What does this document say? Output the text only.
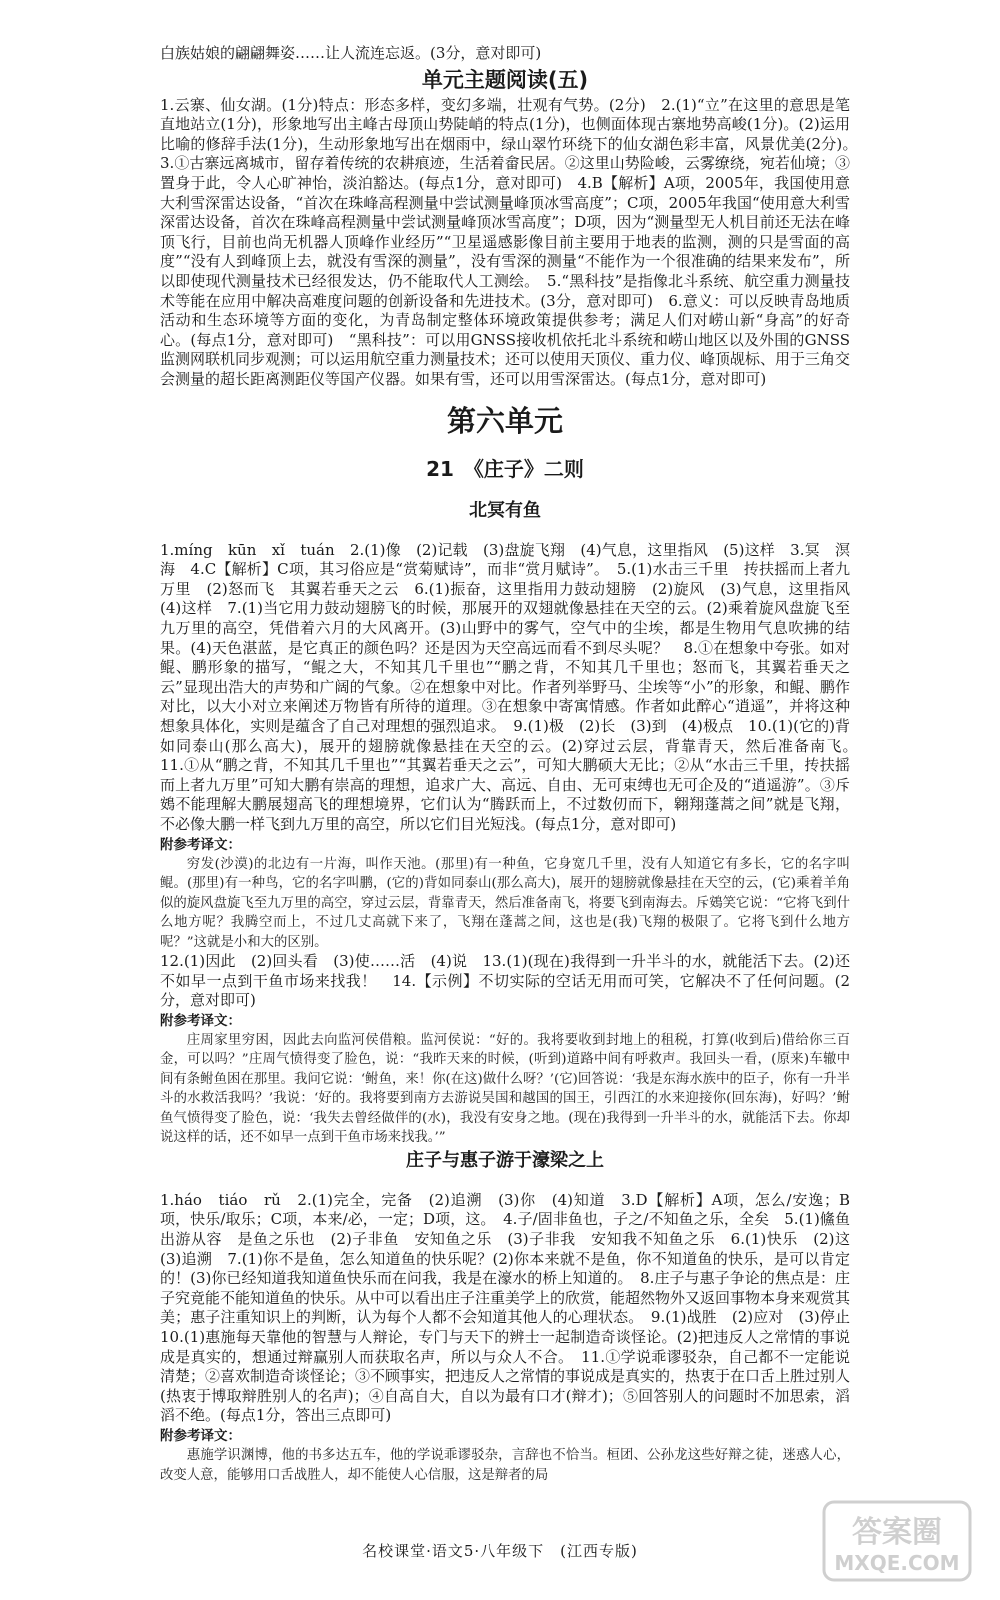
白族姑娘的翩翩舞姿……让人流连忘返。(3分，意对即可)

单元主题阅读(五)

1.云寨、仙女湖。(1分)特点：形态多样，变幻多端，壮观有气势。(2分)　2.(1)“立”在这里的意思是笔直地站立(1分)，形象地写出主峰古母顶山势陡峭的特点(1分)，也侧面体现古寨地势高峻(1分)。(2)运用比喻的修辞手法(1分)，生动形象地写出在烟雨中，绿山翠竹环绕下的仙女湖色彩丰富，风景优美(2分)。　3.①古寨远离城市，留存着传统的农耕痕迹，生活着畲民居。②这里山势险峻，云雾缭绕，宛若仙境；③置身于此，令人心旷神怡，淡泊豁达。(每点1分，意对即可)　4.B【解析】A项，2005年，我国使用意大利雪深雷达设备，“首次在珠峰高程测量中尝试测量峰顶冰雪高度”；C项，2005年我国“使用意大利雪深雷达设备，首次在珠峰高程测量中尝试测量峰顶冰雪高度”；D项，因为“测量型无人机目前还无法在峰顶飞行，目前也尚无机器人顶峰作业经历”“卫星遥感影像目前主要用于地表的监测，测的只是雪面的高度”“没有人到峰顶上去，就没有雪深的测量”，没有雪深的测量“不能作为一个很准确的结果来发布”，所以即使现代测量技术已经很发达，仍不能取代人工测绘。　5.“黑科技”是指像北斗系统、航空重力测量技术等能在应用中解决高难度问题的创新设备和先进技术。(3分，意对即可)　6.意义：可以反映青岛地质活动和生态环境等方面的变化，为青岛制定整体环境政策提供参考；满足人们对崂山新“身高”的好奇心。(每点1分，意对即可)　“黑科技”：可以用GNSS接收机依托北斗系统和崂山地区以及外围的GNSS监测网联机同步观测；可以运用航空重力测量技术；还可以使用天顶仪、重力仪、峰顶觇标、用于三角交会测量的超长距离测距仪等国产仪器。如果有雪，还可以用雪深雷达。(每点1分，意对即可)

第六单元
21　《庄子》二则
北冥有鱼

1.míng　kūn　xǐ　tuán　2.(1)像　(2)记载　(3)盘旋飞翔　(4)气息，这里指风　(5)这样　3.冥　溟　海　4.C【解析】C项，其习俗应是“赏菊赋诗”，而非“赏月赋诗”。　5.(1)水击三千里　抟扶摇而上者九万里　(2)怒而飞　其翼若垂天之云　6.(1)振奋，这里指用力鼓动翅膀　(2)旋风　(3)气息，这里指风　(4)这样　7.(1)当它用力鼓动翅膀飞的时候，那展开的双翅就像悬挂在天空的云。(2)乘着旋风盘旋飞至九万里的高空，凭借着六月的大风离开。(3)山野中的雾气，空气中的尘埃，都是生物用气息吹拂的结果。(4)天色湛蓝，是它真正的颜色吗？还是因为天空高远而看不到尽头呢？　8.①在想象中夸张。如对鲲、鹏形象的描写，“鲲之大，不知其几千里也”“鹏之背，不知其几千里也；怒而飞，其翼若垂天之云”显现出浩大的声势和广阔的气象。②在想象中对比。作者列举野马、尘埃等“小”的形象，和鲲、鹏作对比，以大小对立来阐述万物皆有所待的道理。③在想象中寄寓情感。作者如此醉心“逍遥”，并将这种想象具体化，实则是蕴含了自己对理想的强烈追求。　9.(1)极　(2)长　(3)到　(4)极点　10.(1)(它的)背如同泰山(那么高大)，展开的翅膀就像悬挂在天空的云。(2)穿过云层，背靠青天，然后准备南飞。　11.①从“鹏之背，不知其几千里也”“其翼若垂天之云”，可知大鹏硕大无比；②从“水击三千里，抟扶摇而上者九万里”可知大鹏有崇高的理想，追求广大、高远、自由、无可束缚也无可企及的“逍遥游”。③斥鴳不能理解大鹏展翅高飞的理想境界，它们认为“腾跃而上，不过数仞而下，翱翔蓬蒿之间”就是飞翔，不必像大鹏一样飞到九万里的高空，所以它们目光短浅。(每点1分，意对即可)

附参考译文：

穷发(沙漠)的北边有一片海，叫作天池。(那里)有一种鱼，它身宽几千里，没有人知道它有多长，它的名字叫鲲。(那里)有一种鸟，它的名字叫鹏，(它的)背如同泰山(那么高大)，展开的翅膀就像悬挂在天空的云，(它)乘着羊角似的旋风盘旋飞至九万里的高空，穿过云层，背靠青天，然后准备南飞，将要飞到南海去。斥鴳笑它说：“它将飞到什么地方呢？我腾空而上，不过几丈高就下来了，飞翔在蓬蒿之间，这也是(我)飞翔的极限了。它将飞到什么地方呢？”这就是小和大的区别。

12.(1)因此　(2)回头看　(3)使……活　(4)说　13.(1)(现在)我得到一升半斗的水，就能活下去。(2)还不如早一点到干鱼市场来找我！　14.【示例】不切实际的空话无用而可笑，它解决不了任何问题。(2分，意对即可)

附参考译文：

庄周家里穷困，因此去向监河侯借粮。监河侯说：“好的。我将要收到封地上的租税，打算(收到后)借给你三百金，可以吗？”庄周气愤得变了脸色，说：“我昨天来的时候，(听到)道路中间有呼救声。我回头一看，(原来)车辙中间有条鲋鱼困在那里。我问它说：‘鲋鱼，来！你(在这)做什么呀？’(它)回答说：‘我是东海水族中的臣子，你有一升半斗的水救活我吗？’我说：‘好的。我将要到南方去游说吴国和越国的国王，引西江的水来迎接你(回东海)，好吗？’鲋鱼气愤得变了脸色，说：‘我失去曾经做伴的(水)，我没有安身之地。(现在)我得到一升半斗的水，就能活下去。你却说这样的话，还不如早一点到干鱼市场来找我。’”

庄子与惠子游于濠梁之上

1.háo　tiáo　rǔ　2.(1)完全，完备　(2)追溯　(3)你　(4)知道　3.D【解析】A项，怎么/安逸；B项，快乐/取乐；C项，本来/必，一定；D项，这。　4.子/固非鱼也，子之/不知鱼之乐，全矣　5.(1)鯈鱼出游从容　是鱼之乐也　(2)子非鱼　安知鱼之乐　(3)子非我　安知我不知鱼之乐　6.(1)快乐　(2)这　(3)追溯　7.(1)你不是鱼，怎么知道鱼的快乐呢？(2)你本来就不是鱼，你不知道鱼的快乐，是可以肯定的！(3)你已经知道我知道鱼快乐而在问我，我是在濠水的桥上知道的。　8.庄子与惠子争论的焦点是：庄子究竟能不能知道鱼的快乐。从中可以看出庄子注重美学上的欣赏，能超然物外又返回事物本身来观赏其美；惠子注重知识上的判断，认为每个人都不会知道其他人的心理状态。　9.(1)战胜　(2)应对　(3)停止　10.(1)惠施每天靠他的智慧与人辩论，专门与天下的辨士一起制造奇谈怪论。(2)把违反人之常情的事说成是真实的，想通过辩赢别人而获取名声，所以与众人不合。　11.①学说乖谬驳杂，自己都不一定能说清楚；②喜欢制造奇谈怪论；③不顾事实，把违反人之常情的事说成是真实的，热衷于在口舌上胜过别人(热衷于博取辩胜别人的名声)；④自高自大，自以为最有口才(辩才)；⑤回答别人的问题时不加思索，滔滔不绝。(每点1分，答出三点即可)

附参考译文：

惠施学识渊博，他的书多达五车，他的学说乖谬驳杂，言辞也不恰当。桓团、公孙龙这些好辩之徒，迷惑人心，改变人意，能够用口舌战胜人，却不能使人心信服，这是辩者的局

名校课堂·语文5·八年级下　(江西专版)
答案圈
MXQE.COM
